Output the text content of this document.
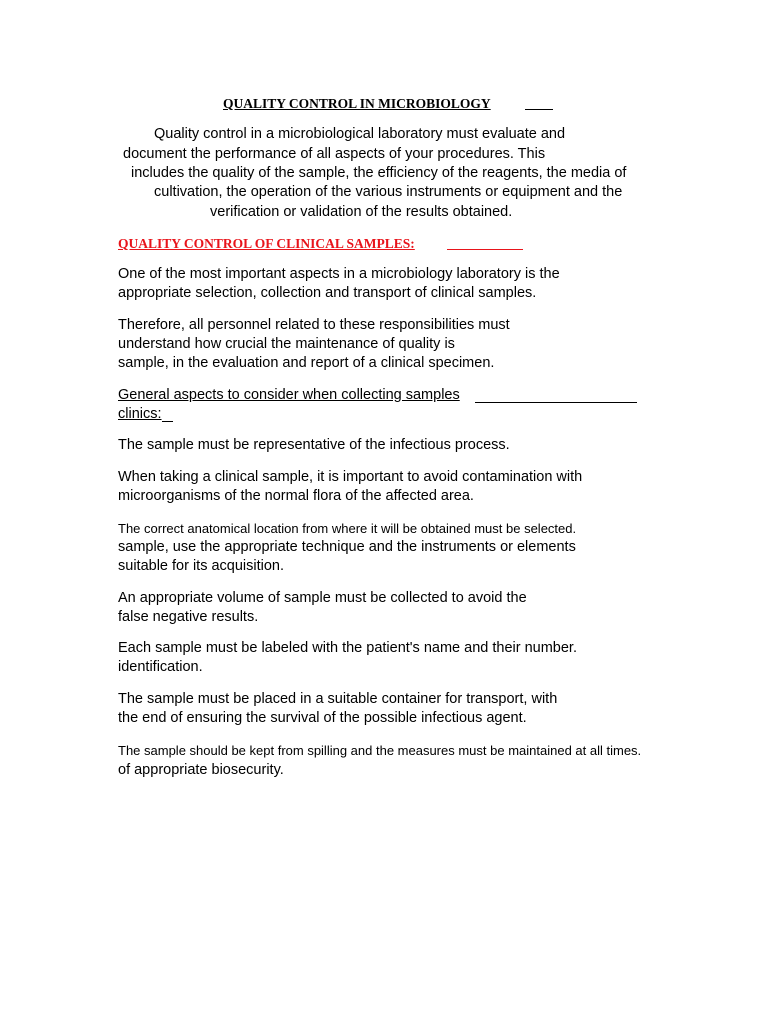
QUALITY CONTROL IN MICROBIOLOGY
Quality control in a microbiological laboratory must evaluate and
document the performance of all aspects of your procedures. This
includes the quality of the sample, the efficiency of the reagents, the media of
cultivation, the operation of the various instruments or equipment and the
verification or validation of the results obtained.
QUALITY CONTROL OF CLINICAL SAMPLES:
One of the most important aspects in a microbiology laboratory is the
appropriate selection, collection and transport of clinical samples.
Therefore, all personnel related to these responsibilities must
understand how crucial the maintenance of quality is
sample, in the evaluation and report of a clinical specimen.
General aspects to consider when collecting samples
clinics:
The sample must be representative of the infectious process.
When taking a clinical sample, it is important to avoid contamination with
microorganisms of the normal flora of the affected area.
The correct anatomical location from where it will be obtained must be selected.
sample, use the appropriate technique and the instruments or elements
suitable for its acquisition.
An appropriate volume of sample must be collected to avoid the
false negative results.
Each sample must be labeled with the patient's name and their number.
identification.
The sample must be placed in a suitable container for transport, with
the end of ensuring the survival of the possible infectious agent.
The sample should be kept from spilling and the measures must be maintained at all times.
of appropriate biosecurity.
